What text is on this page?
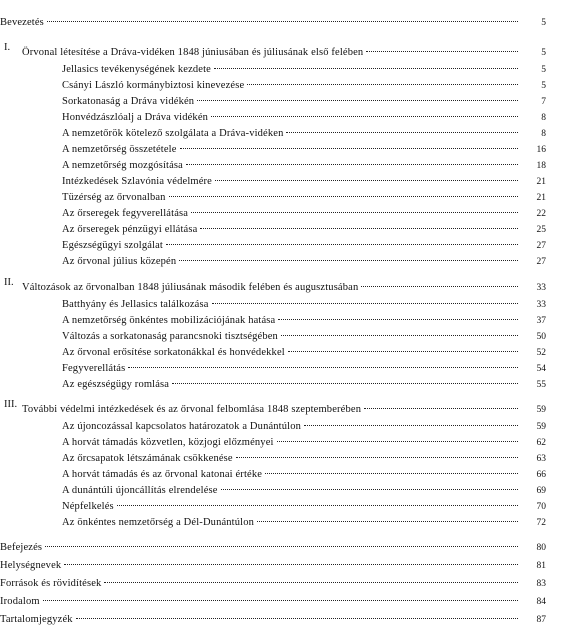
Bevezetés	5
I.	Örvonal létesítése a Dráva-vidéken 1848 júniusában és júliusának első felében	5
Jellasics tevékenységének kezdete	5
Csányi László kormánybiztosi kinevezése	5
Sorkatonaság a Dráva vidékén	7
Honvédzászlóalj a Dráva vidékén	8
A nemzetőrök kötelező szolgálata a Dráva-vidéken	8
A nemzetőrség összetétele	16
A nemzetőrség mozgósítása	18
Intézkedések Szlavónia védelmére	21
Tüzérség az őrvonalban	21
Az őrseregek fegyverellátása	22
Az őrseregek pénzügyi ellátása	25
Egészségügyi szolgálat	27
Az őrvonal július közepén	27
II. Változások az őrvonalban 1848 júliusának második felében és augusztusában	33
Batthyány és Jellasics találkozása	33
A nemzetőrség önkéntes mobilizációjának hatása	37
Változás a sorkatonaság parancsnoki tisztségében	50
Az őrvonal erősítése sorkatonákkal és honvédekkel	52
Fegyverellátás	54
Az egészségügy romlása	55
III. További védelmi intézkedések és az őrvonal felbomlása 1848 szeptemberében	59
Az újoncozással kapcsolatos határozatok a Dunántúlon	59
A horvát támadás közvetlen, közjogi előzményei	62
Az őrcsapatok létszámának csökkenése	63
A horvát támadás és az őrvonal katonai értéke	66
A dunántúli újoncállítás elrendelése	69
Népfelkelés	70
Az önkéntes nemzetőrség a Dél-Dunántúlon	72
Befejezés	80
Helységnevek	81
Források és rövidítések	83
Irodalom	84
Tartalomjegyzék	87
